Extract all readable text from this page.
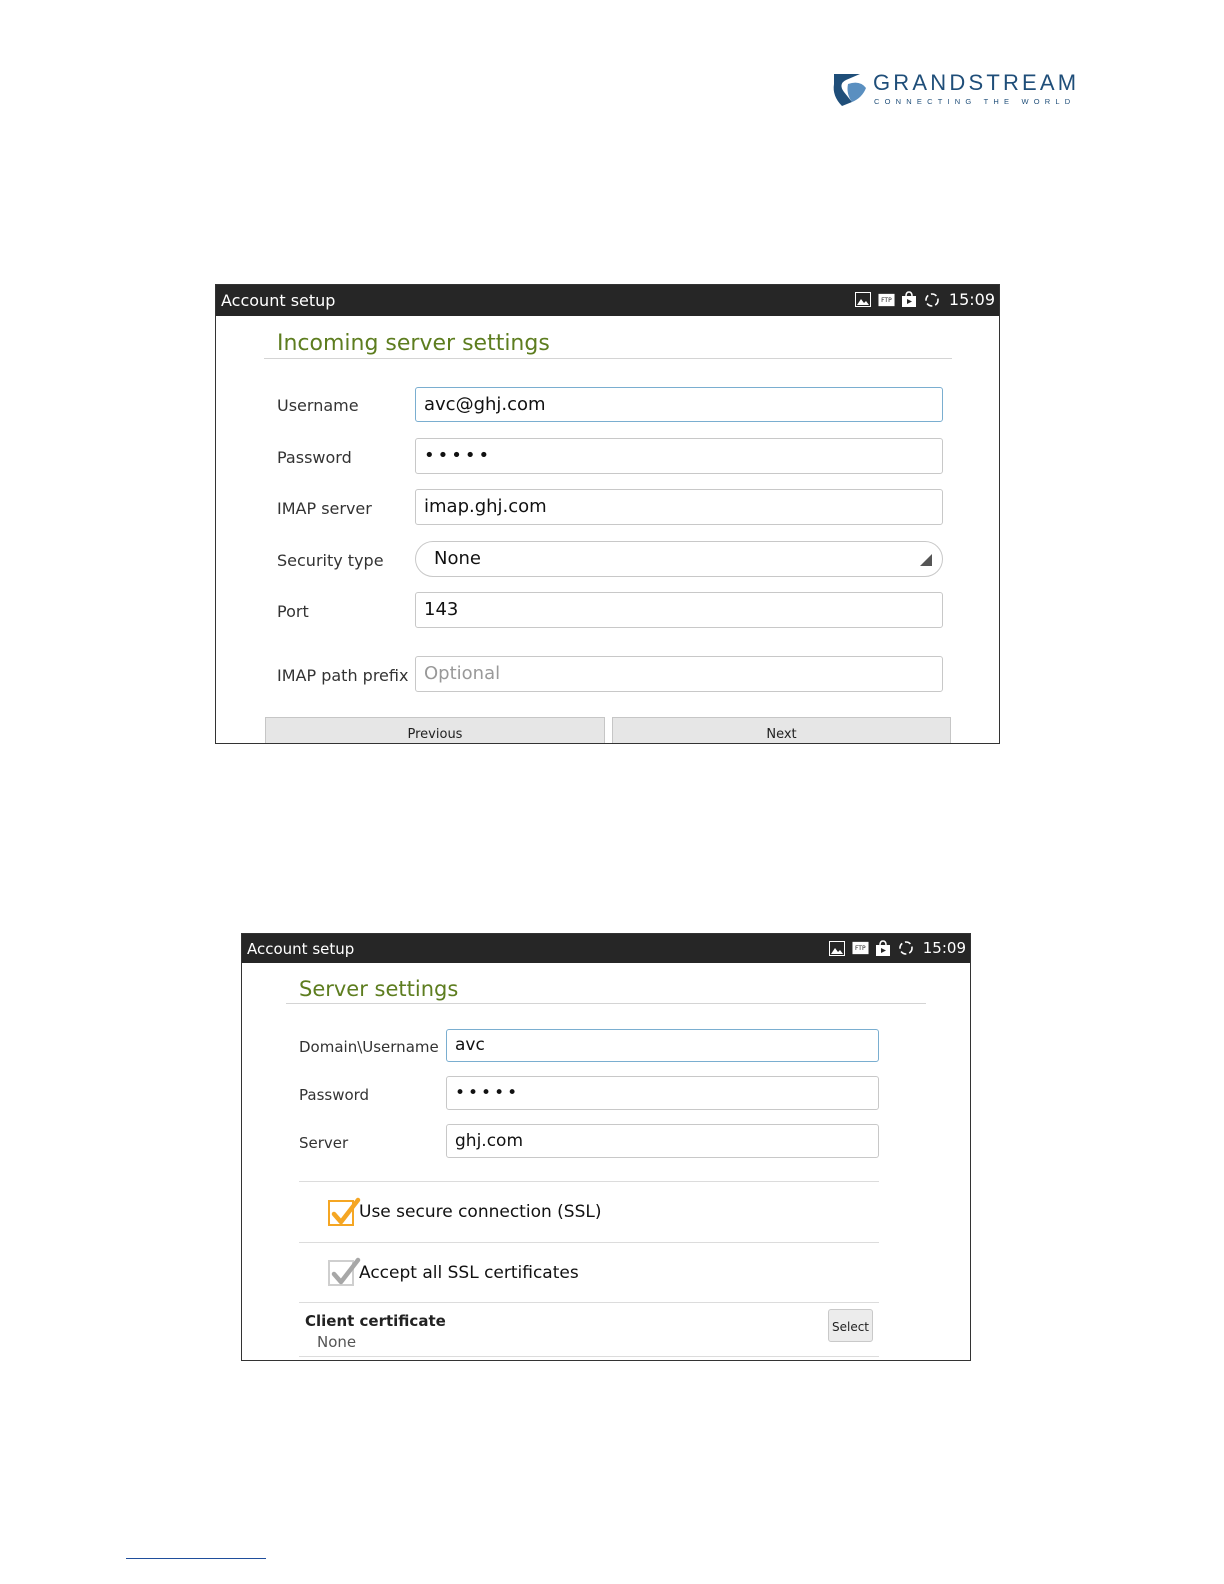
GRANDSTREAM
CONNECTING THE WORLD
Account setup	FTP	15:09
Incoming server settings
Username	avc@ghj.com
Password	•••••
IMAP server	imap.ghj.com
Security type	None
Port	143
IMAP path prefix Optional
Previous	Next
Account setup	FTP	15:09
Server settings
Domain\Username avc
Password	•••••
Server	ghj.com
Use secure connection (SSL)
Accept all SSL certificates
Client certificate
None
Select
